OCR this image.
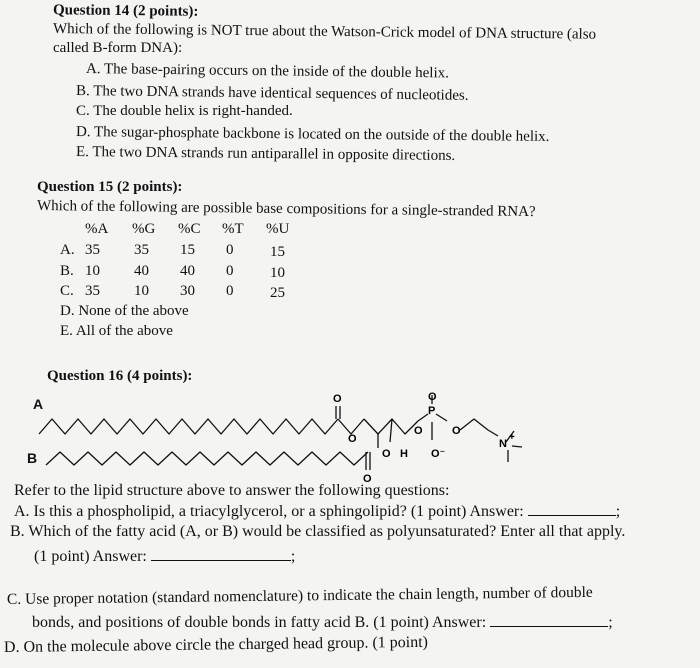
Question 14 (2 points):
Which of the following is NOT true about the Watson-Crick model of DNA structure (also
called B-form DNA):
A. The base-pairing occurs on the inside of the double helix.
B. The two DNA strands have identical sequences of nucleotides.
C. The double helix is right-handed.
D. The sugar-phosphate backbone is located on the outside of the double helix.
E. The two DNA strands run antiparallel in opposite directions.
Question 15 (2 points):
Which of the following are possible base compositions for a single-stranded RNA?
%A %G %C %T %U
A. 35 35 15 0 15
B. 10 40 40 0 10
C. 35 10 30 0 25
D. None of the above
E. All of the above
Question 16 (4 points):
O
O
O
P
O	O
O H O⁻
N
+
O
A
B
Refer to the lipid structure above to answer the following questions:
A. Is this a phospholipid, a triacylglycerol, or a sphingolipid? (1 point) Answer:	;
B. Which of the fatty acid (A, or B) would be classified as polyunsaturated? Enter all that apply.
(1 point) Answer:	;
C. Use proper notation (standard nomenclature) to indicate the chain length, number of double
bonds, and positions of double bonds in fatty acid B. (1 point) Answer:	;
D. On the molecule above circle the charged head group. (1 point)
